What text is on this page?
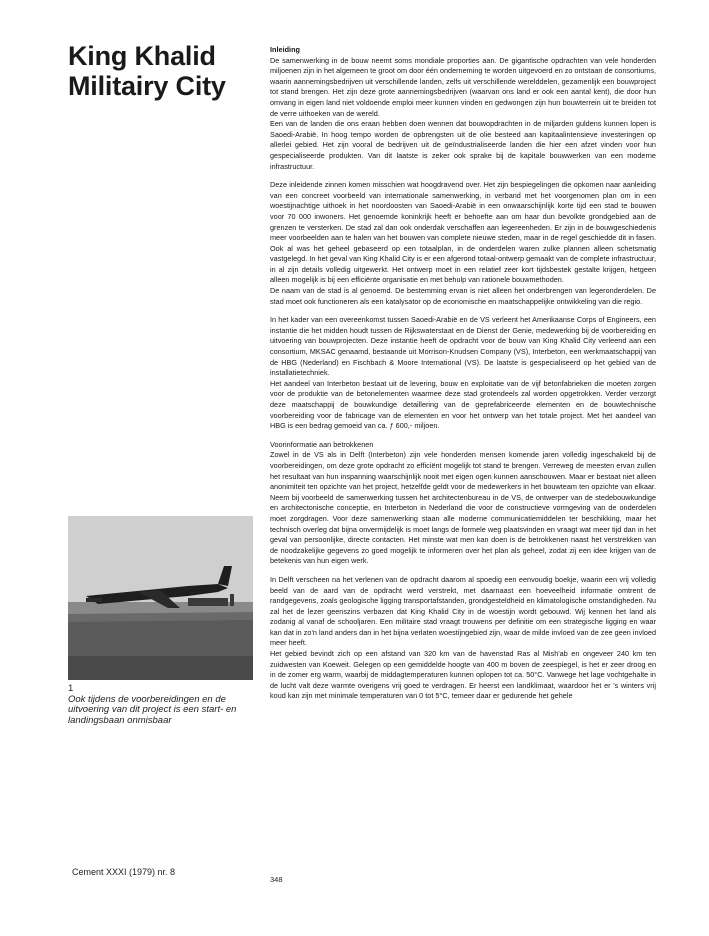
King Khalid
Militairy City
1
Ook tijdens de voorbereidingen en de uitvoering van dit project is een start- en landingsbaan onmisbaar
Cement XXXI (1979) nr. 8
Inleiding

De samenwerking in de bouw neemt soms mondiale proporties aan. De gigantische opdrachten van vele honderden miljoenen zijn in het algemeen te groot om door één onderneming te worden uitgevoerd en zo ontstaan de consortiums, waarin aannemingsbedrijven uit verschillende landen, zelfs uit verschillende werelddelen, gezamenlijk een bouwproject tot stand brengen. Het zijn deze grote aannemingsbedrijven (waarvan ons land er ook een aantal kent), die door hun omvang in eigen land niet voldoende emploi meer kunnen vinden en gedwongen zijn hun bouwterrein uit te breiden tot de verre uithoeken van de wereld.

Een van de landen die ons eraan hebben doen wennen dat bouwopdrachten in de miljarden guldens kunnen lopen is Saoedi-Arabië. In hoog tempo worden de opbrengsten uit de olie besteed aan kapitaalintensieve investeringen op allerlei gebied. Het zijn vooral de bedrijven uit de geïndustrialiseerde landen die hier een afzet vinden voor hun gespecialiseerde produkten. Van dit laatste is zeker ook sprake bij de kapitale bouwwerken van een moderne infrastructuur.

Deze inleidende zinnen komen misschien wat hoogdravend over. Het zijn bespiegelingen die opkomen naar aanleiding van een concreet voorbeeld van internationale samenwerking, in verband met het voorgenomen plan om in een woestijnachtige uithoek in het noordoosten van Saoedi-Arabië in een onwaarschijnlijk korte tijd een stad te bouwen voor 70 000 inwoners. Het genoemde koninkrijk heeft er behoefte aan om haar dun bevolkte grondgebied aan de grenzen te versterken. De stad zal dan ook onderdak verschaffen aan legereenheden. Er zijn in de bouwgeschiedenis meer voorbeelden aan te halen van het bouwen van complete nieuwe steden, maar in de regel geschiedde dit in fasen. Ook al was het geheel gebaseerd op een totaalplan, in de onderdelen waren zulke plannen alleen schetsmatig vastgelegd. In het geval van King Khalid City is er een afgerond totaal-ontwerp gemaakt van de complete infrastructuur, in al zijn details volledig uitgewerkt. Het ontwerp moet in een relatief zeer kort tijdsbestek gestalte krijgen, hetgeen alleen mogelijk is bij een efficiënte organisatie en met behulp van rationele bouwmethoden.

De naam van de stad is al genoemd. De bestemming ervan is niet alleen het onderbrengen van legeronderdelen. De stad moet ook functioneren als een katalysator op de economische en maatschappelijke ontwikkeling van die regio.

In het kader van een overeenkomst tussen Saoedi-Arabië en de VS verleent het Amerikaanse Corps of Engineers, een instantie die het midden houdt tussen de Rijkswaterstaat en de Dienst der Genie, medewerking bij de voorbereiding en uitvoering van bouwprojecten. Deze instantie heeft de opdracht voor de bouw van King Khalid City verleend aan een consortium, MKSAC genaamd, bestaande uit Morrison-Knudsen Company (VS), Interbeton, een werkmaatschappij van de HBG (Nederland) en Fischbach & Moore International (VS). De laatste is gespecialiseerd op het gebied van de installatietechniek.

Het aandeel van Interbeton bestaat uit de levering, bouw en exploitatie van de vijf betonfabrieken die moeten zorgen voor de produktie van de betonelementen waarmee deze stad grotendeels zal worden opgetrokken. Verder verzorgt deze maatschappij de bouwkundige detaillering van de geprefabriceerde elementen en de bouwtechnische voorbereiding voor de fabricage van de elementen en voor het ontwerp van het totale project. Met het aandeel van HBG is een bedrag gemoeid van ca. ƒ 600,- miljoen.

Voorinformatie aan betrokkenen

Zowel in de VS als in Delft (Interbeton) zijn vele honderden mensen komende jaren volledig ingeschakeld bij de voorbereidingen, om deze grote opdracht zo efficiënt mogelijk tot stand te brengen. Verreweg de meesten ervan zullen het resultaat van hun inspanning waarschijnlijk nooit met eigen ogen kunnen aanschouwen. Maar er bestaat niet alleen anonimiteit ten opzichte van het project, hetzelfde geldt voor de medewerkers in het bouwteam ten opzichte van elkaar. Neem bij voorbeeld de samenwerking tussen het architectenbureau in de VS, de ontwerper van de stedebouwkundige en architectonische conceptie, en Interbeton in Nederland die voor de constructieve vormgeving van de onderdelen moet zorgdragen. Voor deze samenwerking staan alle moderne communicatiemiddelen ter beschikking, maar het technisch overleg dat bijna onvermijdelijk is moet langs de formele weg plaatsvinden en vraagt wat meer tijd dan in het geval van persoonlijke, directe contacten. Het minste wat men kan doen is de betrokkenen naast het verstrekken van de noodzakelijke gegevens zo goed mogelijk te informeren over het plan als geheel, zodat zij een idee krijgen van de betekenis van hun eigen werk.

In Delft verscheen na het verlenen van de opdracht daarom al spoedig een eenvoudig boekje, waarin een vrij volledig beeld van de aard van de opdracht werd verstrekt, met daarnaast een hoeveelheid informatie omtrent de randgegevens, zoals geologische ligging transportafstanden, grondgesteldheid en klimatologische omstandigheden. Nu zal het de lezer geenszins verbazen dat King Khalid City in de woestijn wordt gebouwd. Wij kennen het land als zodanig al vanaf de schooljaren. Een militaire stad vraagt trouwens per definitie om een strategische ligging en waar kan dat in zo'n land anders dan in het bijna verlaten woestijngebied zijn, waar de milde invloed van de zee geen invloed meer heeft.

Het gebied bevindt zich op een afstand van 320 km van de havenstad Ras al Mish'ab en ongeveer 240 km ten zuidwesten van Koeweit. Gelegen op een gemiddelde hoogte van 400 m boven de zeespiegel, is het er zeer droog en in de zomer erg warm, waarbij de middagtemperaturen kunnen oplopen tot ca. 50°C. Vanwege het lage vochtgehalte in de lucht valt deze warmte overigens vrij goed te verdragen. Er heerst een landklimaat, waardoor het er 's winters vrij koud kan zijn met minimale temperaturen van 0 tot 5°C, temeer daar er gedurende het gehele

348
